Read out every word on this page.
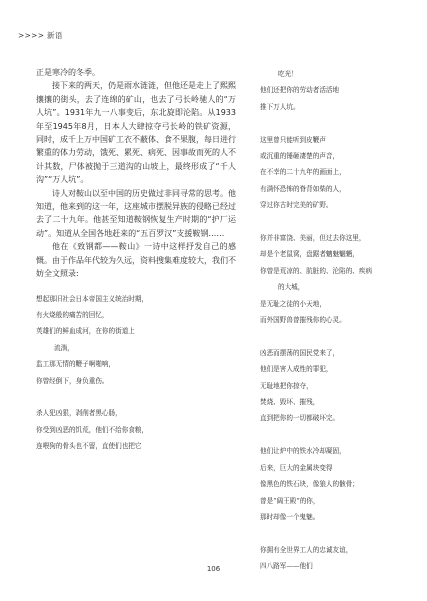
>>>> 新语

正是寒冷的冬季。

接下来的两天，仍是雨水涟涟，但他还是走上了熙熙攘攘的街头，去了连绵的矿山，也去了弓长岭驰人的“万人坑”。1931年九一八事变后，东北旋即沦陷。从1933年至1945年8月，日本人大肆掠夺弓长岭的铁矿资源，同时，成千上万中国矿工衣不蔽体、食不果腹，每日进行繁重的体力劳动，饿死、累死、病死、因事故而死的人不计其数，尸体被抛于三道沟的山坡上，最终形成了“千人沟”“万人坑”。

诗人对鞍山以至中国的历史做过非同寻常的思考。他知道，他来到的这一年，这座城市摆脱异族的侵略已经过去了二十九年。他甚至知道鞍钢恢复生产时期的“护厂运动”。知道从全国各地赶来的“五百罗汉”支援鞍钢……

他在《致钢都——鞍山》一诗中这样抒发自己的感慨。由于作品年代较为久远，资料搜集难度较大，我们不妨全文照录:

想起那旧社会日本帝国主义统治时期，
有火烧般的痛苦的回忆，
英雄们的鲜血成河，在你的街道上
流淌，
监工那无情的鞭子啊啪响，
你曾经倒下，身负重伤。
杀人犯凶狠，剥削者黑心肠，
你受到凶恶的饥荒，他们不给你食粮，
连喂狗的骨头也不留，直使们也把它
吃光！
他们还把你的劳动者活活地
推下万人坑。
这里曾只能听到皮鞭声
或沉重的锤砸凄楚的声音，
在不幸的二十九年的画面上，
有满怀恐怖的脊背如柴的人，
穿过你古时完美的矿野。
你并非富饶、美丽，但过去你这里，
却是个老鼠窝，盘踞者魑魅魍魉，
你曾是荒凉的、肮脏的、沦陷的、疾病
的大城，
是无耻之徒的小天地，
而外国野兽曾摧残你的心灵。
凶恶而摆荡的国民党来了，
他们是害人成性的罪犯，
无耻地把你掠夺，
焚烧、毁坏、摧残，
直到把你的一切都破坏完。
他们让炉中的铁水冷却凝固，
后来，巨大的金属块变得
像黑色的铁石块，像狼人的骸骨；
曾是“阔王殿”的你，
那时却像一个鬼魅。
你拥有全世界工人的忠诚友谊，
四八路军——他们
106
